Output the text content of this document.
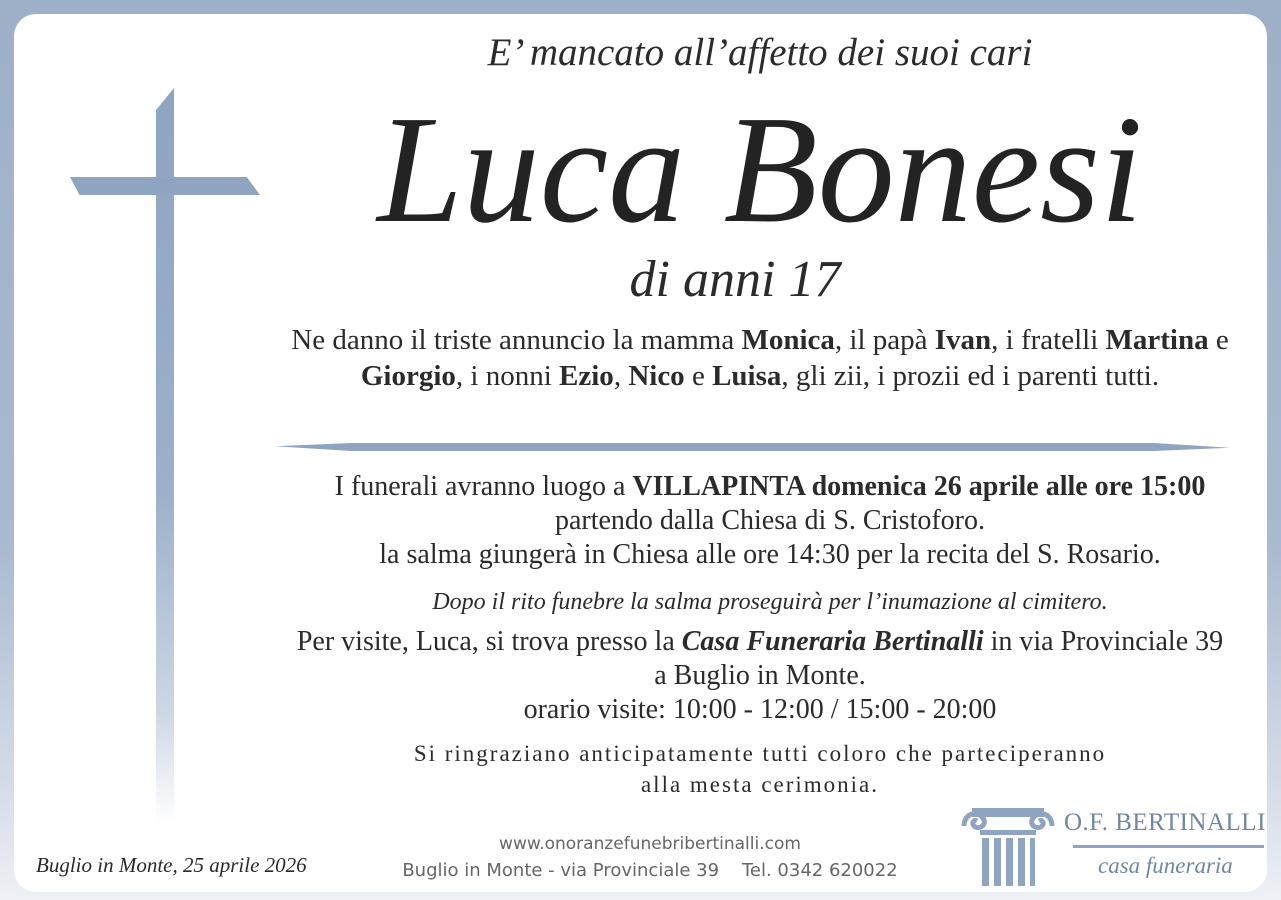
E’ mancato all’affetto dei suoi cari
Luca Bonesi
di anni 17
Ne danno il triste annuncio la mamma Monica, il papà Ivan, i fratelli Martina e Giorgio, i nonni Ezio, Nico e Luisa, gli zii, i prozii ed i parenti tutti.
I funerali avranno luogo a VILLAPINTA domenica 26 aprile alle ore 15:00
partendo dalla Chiesa di S. Cristoforo.
la salma giungerà in Chiesa alle ore 14:30 per la recita del S. Rosario.
Dopo il rito funebre la salma proseguirà per l’inumazione al cimitero.
Per visite, Luca, si trova presso la Casa Funeraria Bertinalli in via Provinciale 39
a Buglio in Monte.
orario visite: 10:00 - 12:00 / 15:00 - 20:00
Si ringraziano anticipatamente tutti coloro che parteciperanno
alla mesta cerimonia.
Buglio in Monte, 25 aprile 2026
www.onoranzefunebribertinalli.com
Buglio in Monte - via Provinciale 39 Tel. 0342 620022
O.F. BERTINALLI
casa funeraria
